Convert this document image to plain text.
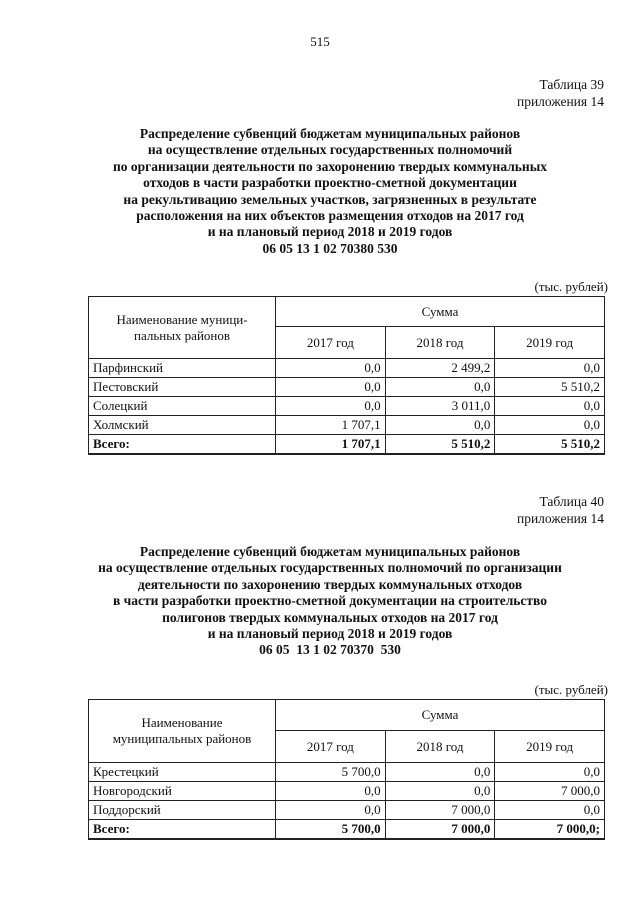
515
Таблица 39
приложения 14
Распределение субвенций бюджетам муниципальных районов
на осуществление отдельных государственных полномочий
по организации деятельности по захоронению твердых коммунальных
отходов в части разработки проектно-сметной документации
на рекультивацию земельных участков, загрязненных в результате
расположения на них объектов размещения отходов на 2017 год
и на плановый период 2018 и 2019 годов
06 05 13 1 02 70380 530
(тыс. рублей)
Наименование муници-
пальных районов	Сумма		
	2017 год	2018 год	2019 год
Парфинский	0,0	2 499,2	0,0
Пестовский	0,0	0,0	5 510,2
Солецкий	0,0	3 011,0	0,0
Холмский	1 707,1	0,0	0,0
Всего:	1 707,1	5 510,2	5 510,2
Таблица 40
приложения 14
Распределение субвенций бюджетам муниципальных районов
на осуществление отдельных государственных полномочий по организации
деятельности по захоронению твердых коммунальных отходов
в части разработки проектно-сметной документации на строительство
полигонов твердых коммунальных отходов на 2017 год
и на плановый период 2018 и 2019 годов
06 05  13 1 02 70370  530
(тыс. рублей)
Наименование
муниципальных районов	Сумма		
	2017 год	2018 год	2019 год
Крестецкий	5 700,0	0,0	0,0
Новгородский	0,0	0,0	7 000,0
Поддорский	0,0	7 000,0	0,0
Всего:	5 700,0	7 000,0	7 000,0;
